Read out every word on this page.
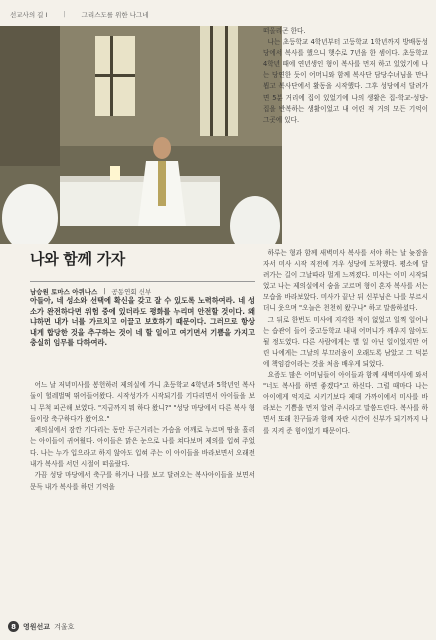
선교사의 길 Ⅰ | 그리스도를 위한 나그네
나와 함께 가자
남승원 토마스 아퀴나스 | 공동연회 신부
아들아, 네 성소와 선택에 확신을 갖고 잘 수 있도록 노력하여라. 네 성소가 완전하다면 위험 중에 있더라도 평화를 누리며 안전할 것이다. 왜냐하면 내가 너를 가르치고 이끌고 보호하기 때문이다. 그러므로 항상 내게 합당한 것을 추구하는 것이 네 할 일이고 여기면서 기쁨을 가지고 충실히 임무를 다하여라.

어느 날 저녁미사를 봉헌하러 제의실에 가니 초등학교 4학년과 5학년인 복사 둘이 헐레벌떡 뛰어들어왔다. 시작성가가 시작되기를 기다리면서 아이들을 보니 무척 피곤해 보였다. "지금까지 뭐 하다 왔니?" "성당 마당에서 다른 복사 형들이랑 축구하다가 왔어요."

제의실에서 잠깐 기다리는 동안 두근거리는 가슴을 어깨로 누르며 땀을 흘리는 아이들이 귀여웠다. 아이들은 맑은 눈으로 나를 쳐다보며 제의를 입혀 주었다. 나는 누가 입으라고 하지 않아도 입혀 주는 이 아이들을 바라보면서 오래전 내가 복사를 서던 시절이 떠올랐다.

가끔 성당 마당에서 축구를 하거나 나를 보고 달려오는 복사아이들을 보면서 문득 내가 복사를 하던 기억을

떠올리곤 한다.

나는 초등학교 4학년부터 고등학교 1학년까지 방배동성당에서 복사를 했으니 햇수로 7년을 한 셈이다. 초등학교 4학년 때에 연년생인 형이 복사를 먼저 하고 있었기에 나는 당연한 듯이 어머니와 함께 복사단 담당수녀님을 만나 뵙고 복사단에서 활동을 시작했다. 그후 성당에서 달려가면 5분 거리에 집이 있었기에 나의 생활은 집-학교-성당-집을 반복하는 생활이었고 내 어린 적 거의 모든 기억이 그곳에 있다.

하루는 형과 함께 새벽미사 복사를 서야 하는 날 늦잠을 자서 미사 시작 직전에 겨우 성당에 도착했다. 평소에 달려가는 길이 그날따라 멀게 느껴졌다. 미사는 이미 시작되었고 나는 제의실에서 숨을 고르며 형이 혼자 복사를 서는 모습을 바라보았다. 미사가 끝난 뒤 신부님은 나를 부르시더니 웃으며 "오늘은 천천히 왔구나" 하고 말씀하셨다.

그 뒤로 한번도 미사에 지각한 적이 없었고 일찍 일어나는 습관이 들어 중고등학교 내내 어머니가 깨우지 않아도 될 정도였다. 다른 사람에게는 별 일 아닌 일이었지만 어린 나에게는 그날의 부끄러움이 오래도록 남았고 그 덕분에 책임감이라는 것을 처음 배우게 되었다.

요즘도 많은 어머님들이 아이들과 함께 새벽미사에 와서 "너도 복사를 하면 좋겠다"고 하신다. 그럴 때마다 나는 아이에게 억지로 시키기보다 제대 가까이에서 미사를 바라보는 기쁨을 먼저 알려 주시라고 말씀드린다. 복사를 하면서 또래 친구들과 함께 자란 시간이 신부가 되기까지 나를 지켜 준 힘이었기 때문이다.

8	영원선교 겨울호
